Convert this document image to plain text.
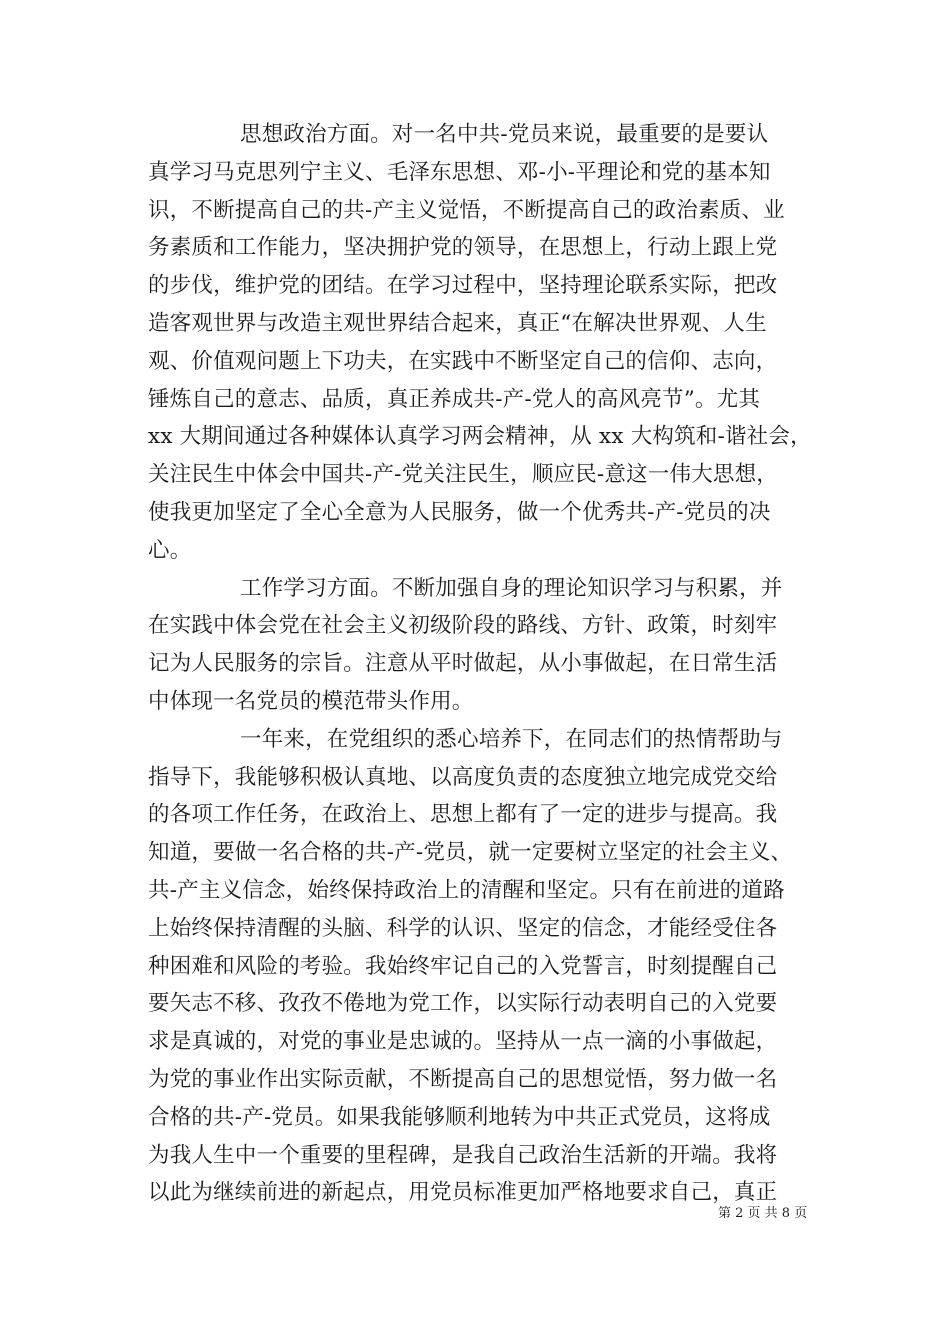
思想政治方面。对一名中共-党员来说，最重要的是要认
真学习马克思列宁主义、毛泽东思想、邓-小-平理论和党的基本知
识，不断提高自己的共-产主义觉悟，不断提高自己的政治素质、业
务素质和工作能力，坚决拥护党的领导，在思想上，行动上跟上党
的步伐，维护党的团结。在学习过程中，坚持理论联系实际，把改
造客观世界与改造主观世界结合起来，真正“在解决世界观、人生
观、价值观问题上下功夫，在实践中不断坚定自己的信仰、志向，
锤炼自己的意志、品质，真正养成共-产-党人的高风亮节”。尤其
xx 大期间通过各种媒体认真学习两会精神，从 xx 大构筑和-谐社会，
关注民生中体会中国共-产-党关注民生，顺应民-意这一伟大思想，
使我更加坚定了全心全意为人民服务，做一个优秀共-产-党员的决
心。
工作学习方面。不断加强自身的理论知识学习与积累，并
在实践中体会党在社会主义初级阶段的路线、方针、政策，时刻牢
记为人民服务的宗旨。注意从平时做起，从小事做起，在日常生活
中体现一名党员的模范带头作用。
一年来，在党组织的悉心培养下，在同志们的热情帮助与
指导下，我能够积极认真地、以高度负责的态度独立地完成党交给
的各项工作任务，在政治上、思想上都有了一定的进步与提高。我
知道，要做一名合格的共-产-党员，就一定要树立坚定的社会主义、
共-产主义信念，始终保持政治上的清醒和坚定。只有在前进的道路
上始终保持清醒的头脑、科学的认识、坚定的信念，才能经受住各
种困难和风险的考验。我始终牢记自己的入党誓言，时刻提醒自己
要矢志不移、孜孜不倦地为党工作，以实际行动表明自己的入党要
求是真诚的，对党的事业是忠诚的。坚持从一点一滴的小事做起，
为党的事业作出实际贡献，不断提高自己的思想觉悟，努力做一名
合格的共-产-党员。如果我能够顺利地转为中共正式党员，这将成
为我人生中一个重要的里程碑，是我自己政治生活新的开端。我将
以此为继续前进的新起点，用党员标准更加严格地要求自己，真正
第 2 页 共 8 页
